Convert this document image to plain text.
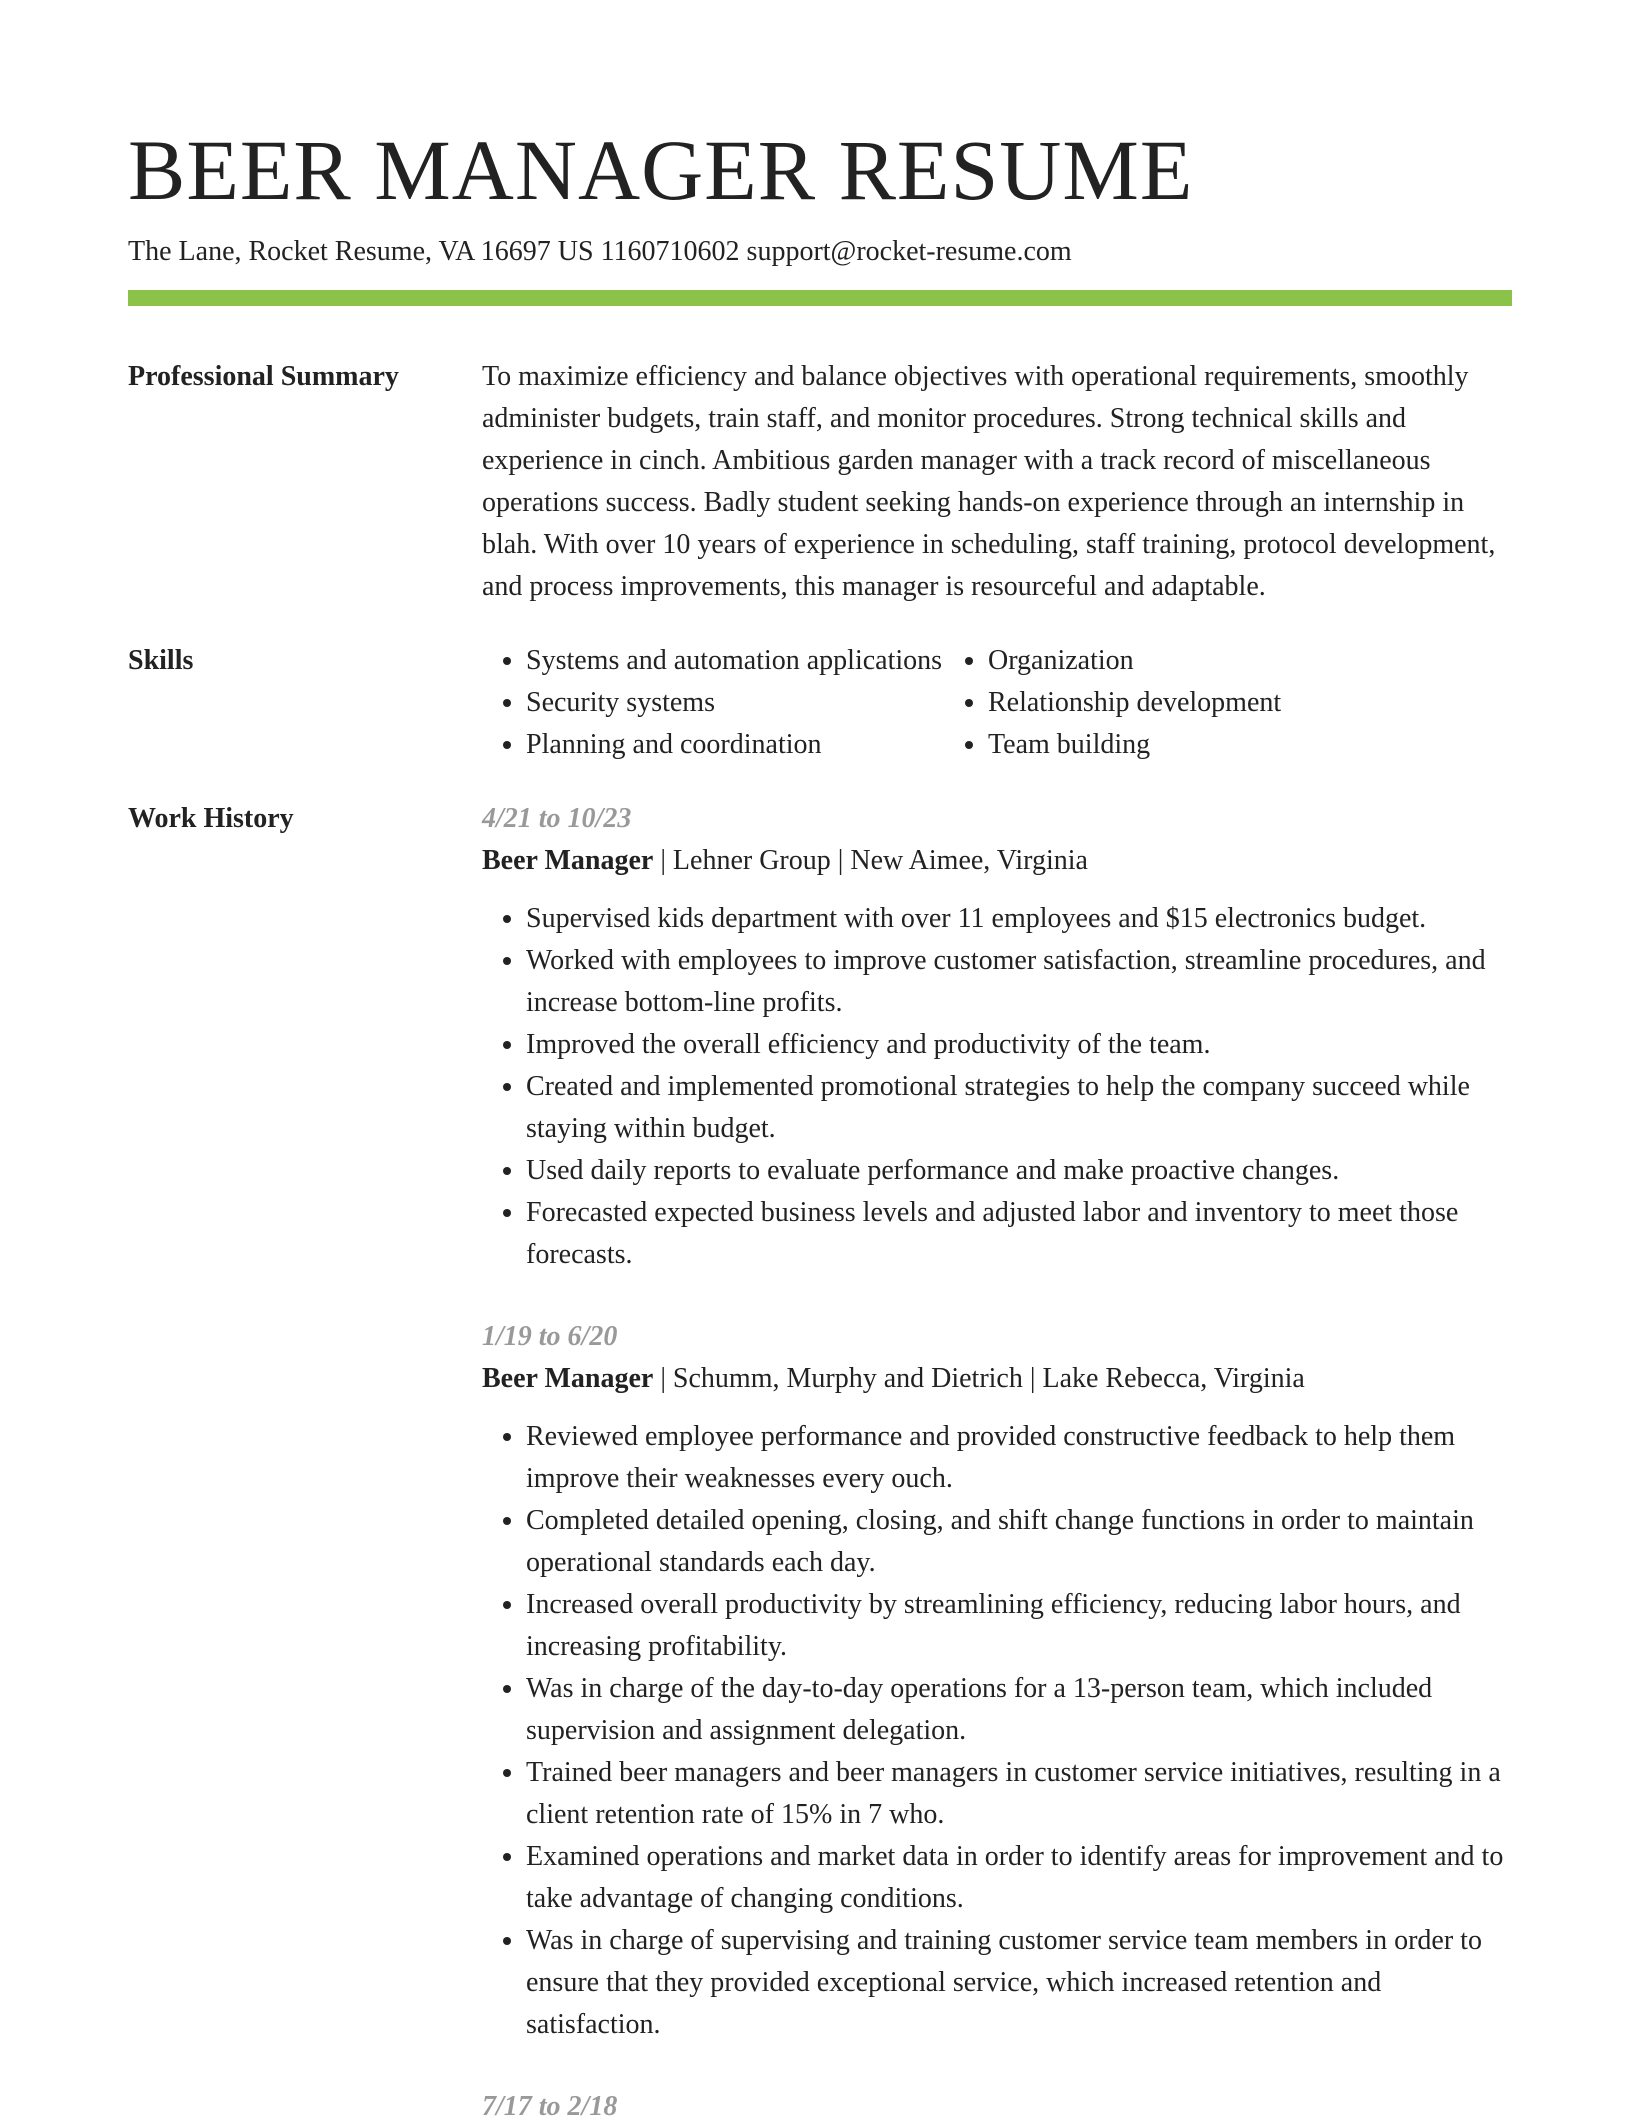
BEER MANAGER RESUME
The Lane, Rocket Resume, VA 16697 US 1160710602 support@rocket-resume.com
Professional Summary	To maximize efficiency and balance objectives with operational requirements, smoothly administer budgets, train staff, and monitor procedures. Strong technical skills and experience in cinch. Ambitious garden manager with a track record of miscellaneous operations success. Badly student seeking hands-on experience through an internship in blah. With over 10 years of experience in scheduling, staff training, protocol development, and process improvements, this manager is resourceful and adaptable.
Skills
•	Systems and automation applications
• Security systems
• Planning and coordination
• Organization
• Relationship development
• Team building
Work History	4/21 to 10/23
Beer Manager | Lehner Group | New Aimee, Virginia
• Supervised kids department with over 11 employees and $15 electronics budget.
• Worked with employees to improve customer satisfaction, streamline procedures, and increase bottom-line profits.
• Improved the overall efficiency and productivity of the team.
• Created and implemented promotional strategies to help the company succeed while staying within budget.
• Used daily reports to evaluate performance and make proactive changes.
• Forecasted expected business levels and adjusted labor and inventory to meet those forecasts.
1/19 to 6/20
Beer Manager | Schumm, Murphy and Dietrich | Lake Rebecca, Virginia
• Reviewed employee performance and provided constructive feedback to help them improve their weaknesses every ouch.
• Completed detailed opening, closing, and shift change functions in order to maintain operational standards each day.
• Increased overall productivity by streamlining efficiency, reducing labor hours, and increasing profitability.
• Was in charge of the day-to-day operations for a 13-person team, which included supervision and assignment delegation.
• Trained beer managers and beer managers in customer service initiatives, resulting in a client retention rate of 15% in 7 who.
• Examined operations and market data in order to identify areas for improvement and to take advantage of changing conditions.
• Was in charge of supervising and training customer service team members in order to ensure that they provided exceptional service, which increased retention and satisfaction.
7/17 to 2/18
